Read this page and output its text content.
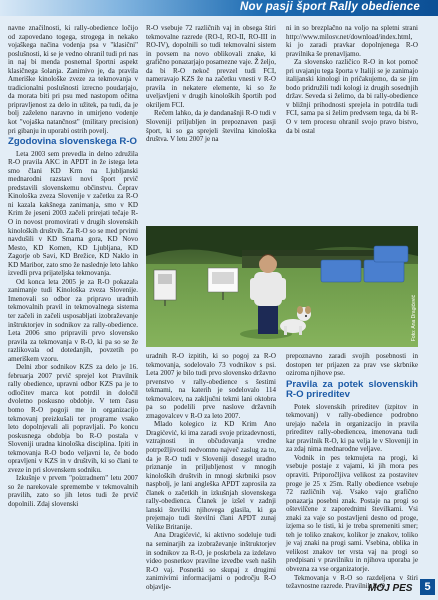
Nov pasji šport Rally obedience

navne značilnosti, ki rally-obedience ločijo od zapovedano togega, strogega in nekako vojaškega načina vodenja psa v "klasični" poslušnosti, ki se je vedno ohranil tudi pri nas in naj bi menda posnemal športni aspekt klasičnega šolanja. Zanimivo je, da pravila Ameriške kinološke zveze za tekmovanja v tradicionalni poslušnosti izrecno poudarjajo, da morata biti pri psu med nastopom očitna pripravljenost za delo in užitek, pa tudi, da je bolj zaželeno naravno in umirjeno vodenje kot "vojaška natančnost" (military precision) pri gibanju in uporabi ostrih povelj.

Zgodovina slovenskega R-O

Leta 2003 sem prevedla in delno združila R-O pravila AKC in APDT in že istega leta smo člani KD Krm na Ljubljanski mednarodni razstavi novi šport prvič predstavili slovenskemu občinstvu. Čeprav Kinološka zveza Slovenije v začetku za R-O ni kazala kakšnega zanimanja, smo v KD Krim že jeseni 2003 začeli prirejati tečaje R-O in novost promovirati v drugih slovenskih kinoloških društvih. Za R-O so se med prvimi navdušili v KD Smarna gora, KD Novo Mesto, KD Komen, KD Ljubljana, KD Zagorje ob Savi, KD Brežice, KD Naklo in KD Maribor, zato smo že naslednje leto lahko izvedli prva prijateljska tekmovanja.

Od konca leta 2005 je za R-O pokazala zanimanje tudi Kinološka zveza Slovenije. Imenovali so odbor za pripravo uradnih tekmovalnih pravil in tekmovalnega sistema ter začeli in začeli usposabljati izobraževanje inštruktorjev in sodnikov za rally-obedience. Leta 2006 smo pripravili prvo slovensko pravila za tekmovanja v R-O, ki pa so se že razlikovala od dotedanjih, povzetih po ameriškem vzoru.

Delni zbor sodnikov KZS za delo je 16. februarja 2007 prvič sprejel kot Pravilnik rally obedience, upravni odbor KZS pa je to odločitev marca kot potrdil in določil dvoletno poskusno obdobje. V tem času bomo R-O pogoji me in organizacijo tekmovanj preizkušali ter programe vsako leto dopolnjevali ali popravljali. Po koncu poskusnega obdobja bo R-O postala v Sloveniji uradna kinološka disciplina. Ipiti in tekmovanja R-O bodo veljavni le, če bodo opravljeni v KZS in v društvih, ki so člani te zveze in pri slovenskem sodniku.

Izkušnje v prvem "poizradnem" letu 2007 so že narekovale spremembe v tekmovalnih pravilih, zato so jih letos tudi že prvič dopolnili. Zdaj slovenski

R-O vsebuje 72 različnih vaj in obsega štiri tekmovalne razrede (RO-I, RO-II, RO-III in RO-IV), dopolnili so tudi tekmovalni sistem in povsem na novo oblikovali znake, ki grafično ponazarjajo posamezne vaje. Ž željo, da bi R-O nekoč prevzel tudi FCI, nameravajo KZS že na začetku vnesti v R-O pravila in nekatere elemente, ki so že uveljavljeni v drugih kinoloških športih pod okriljem FCI.

Rečem lahko, da je dandanašnji R-O tudi v Sloveniji priljubljen in prepoznaven pasji šport, ki so ga sprejeli številna kinološka društva. V letu 2007 je na

ni in so brezplačno na voljo na spletni strani http://www.milosv.net/download/index.html, ki jo zaradi pravkar dopolnjenega R-O pravilnika še prenavljamo.

Za slovensko različico R-O in kot pomoč pri uvajanju tega športa v Italiji se je zanimajo italijanski kinologi in pričakujemo, da se jim bodo pridružili tudi kologi iz drugih sosednjih držav. Seveda si želimo, da bi rally-obedience v bližnji prihodnosti sprejela in potrdila tudi FCI, sama pa si želim predvsem tega, da bi R-O v tem procesu ohranil svojo pravo bistvo, da bi ostal

Foto: Ana Dragićević

uradnih R-O izpitih, ki so pogoj za R-O tekmovanja, sodelovalo 73 vodnikov s psi. Leta 2007 je bilo tudi prvo slovensko državno prvenstvo v rally-obedience s šestimi tekmami, na katerih je sodelovalo 114 tekmovalcev, na zaključni tekmi lani oktobra pa so podelili prve naslove državnih zmagovalcev v R-O za leto 2007.

Mlado kolegico iz KD Krim Ano Dragićević, ki ima zaradi svoje prizadevnosti, vztrajnosti in občudovanja vredne potrpežljivosti nedvomno največ zaslug za to, da je R-O tudi v Sloveniji dosegel uradno priznanje in priljubljenost v mnogih kinoloških društvih in mnogi skrbniki psov naspbolj, je lani angleška APDT zaprosila za članek o začetkih in izkušnjah slovenskega rally-obedienca. Članek je izšel v zadnji lanski številki njihovega glasila, ki ga prejemajo tudi številni člani APDT zunaj Velike Britanije.

Ana Dragićević, ki aktivno sodeluje tudi na seminarjih za izobraževanje inštruktorjev in sodnikov za R-O, je poskrbela za izdelavo video posnetkov pravilne izvedbe vseh naših R-O vaj. Posnetki so skupaj z drugimi zanimivimi informacijami o področju R-O objavlje-

prepoznavno zaradi svojih posebnosti in dostopen ter prijazen za prav vse skrbnike oziroma njihove pse.

Pravila za potek slovenskih R-O prireditev

Potek slovenskih prireditev (izpitov in tekmovanj) v rally-obedience podrobno urejajo načela in organizacijo in pravila prireditev rally-obediencea, imenovana tudi kar pravilnik R-O, ki pa velja le v Sloveniji in za zdaj nima mednarodne veljave.

Vodnik in pes tekmujeta na progi, ki vsebuje postaje z vajami, ki jih mora pes opraviti. Priporočljiva velikost za postavitev proge je 25 x 25m. Rally obedience vsebuje 72 različnih vaj. Vsako vajo grafično ponazarja posebni znak. Postaje na progi so oštevilčene z zaporednimi številkami. Vsi znaki za vaje so postavljeni desno od proge, izjema so le tisti, ki je treba spremeniti smer; teh je toliko znakov, kolikor je znakov, toliko je vaj znaki na progi sami. Vsebina, oblika in velikost znakov ter vrsta vaj na progi so predpisani v pravilniku in njihova uporaba je obvezna za vse organizatorje.

Tekmovanja v R-O so razdeljena v štiri težavnostne razrede. Pravilnik R-O

MOJ PES	5
